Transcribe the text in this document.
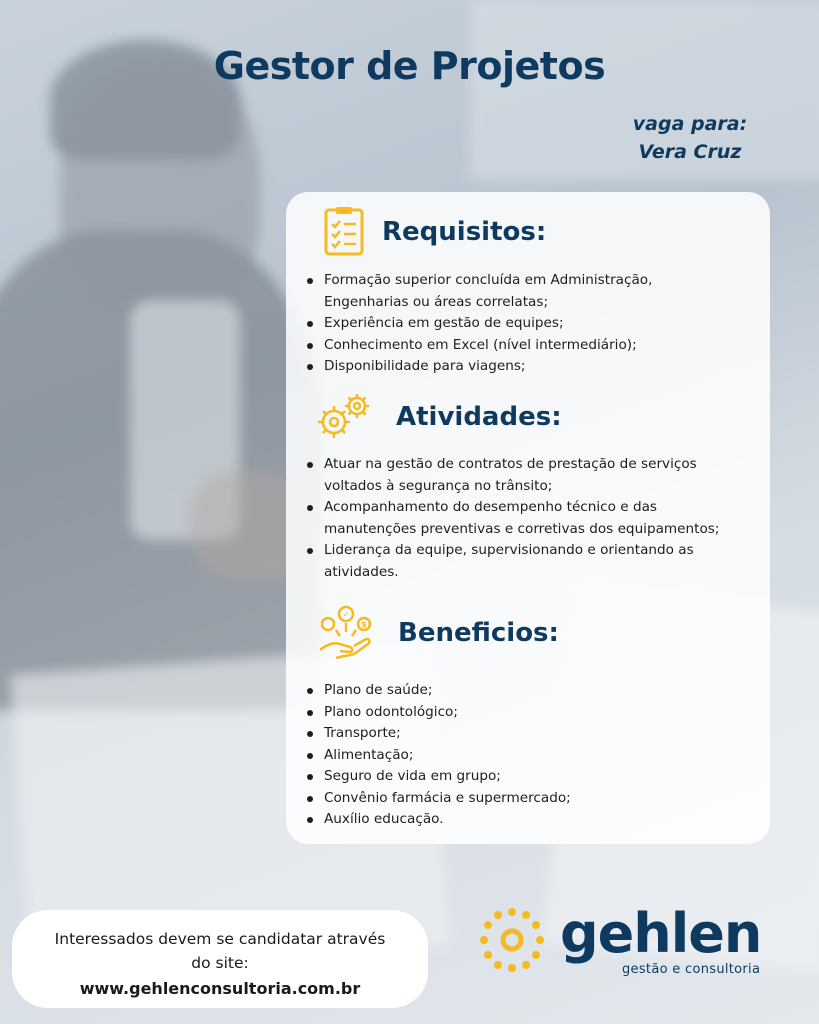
Gestor de Projetos
vaga para:
Vera Cruz
Requisitos:
Formação superior concluída em Administração, Engenharias ou áreas correlatas;
Experiência em gestão de equipes;
Conhecimento em Excel (nível intermediário);
Disponibilidade para viagens;
Atividades:
Atuar na gestão de contratos de prestação de serviços voltados à segurança no trânsito;
Acompanhamento do desempenho técnico e das manutenções preventivas e corretivas dos equipamentos;
Liderança da equipe, supervisionando e orientando as atividades.
✓
$ Beneficios:
Plano de saúde;
Plano odontológico;
Transporte;
Alimentação;
Seguro de vida em grupo;
Convênio farmácia e supermercado;
Auxílio educação.
Interessados devem se candidatar através
do site:
www.gehlenconsultoria.com.br
gehlen
gestão e consultoria
